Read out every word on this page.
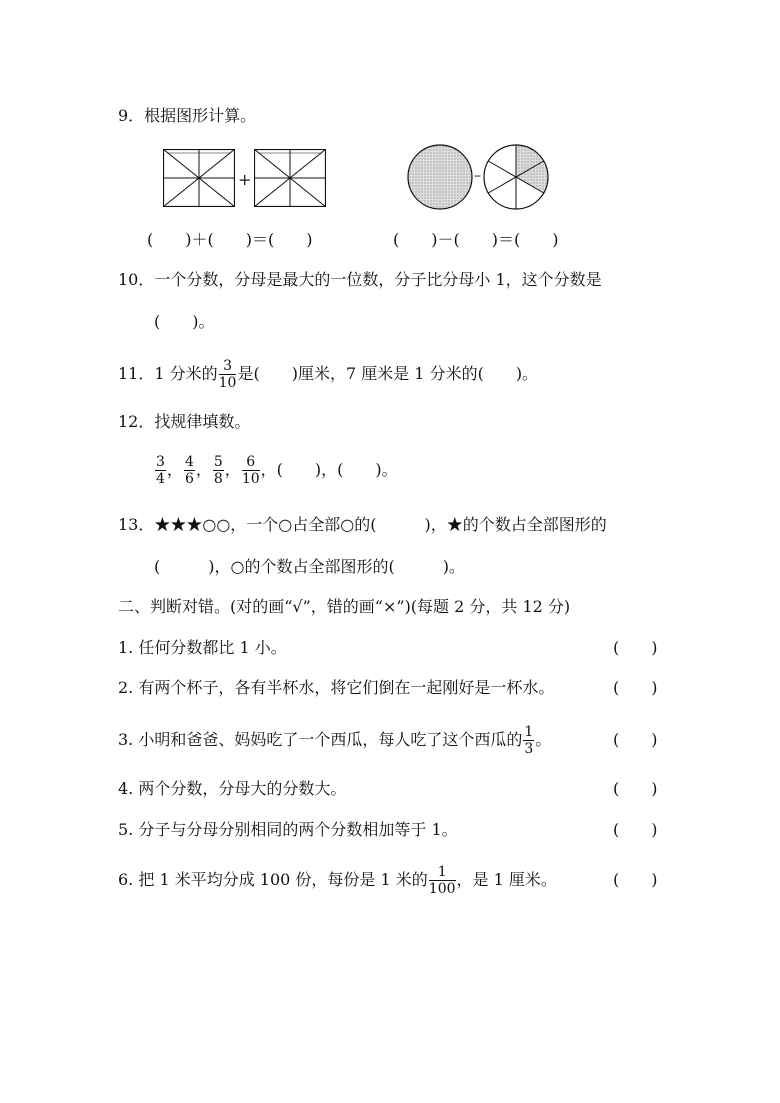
9．根据图形计算。
+	–
(　　)＋(　　)＝(　　)	(　　)－(　　)＝(　　)
10．一个分数，分母是最大的一位数，分子比分母小 1，这个分数是
(　　)。
11．1 分米的 $\frac{3}{10}$ 是(　　)厘米，7 厘米是 1 分米的(　　)。
12．找规律填数。
$\frac{3}{4}$ ， $\frac{4}{6}$ ， $\frac{5}{8}$ ， $\frac{6}{10}$ ，(　　)，(　　)。
13．★★★○○，一个○占全部○的(　　　)，★的个数占全部图形的
(　　　)，○的个数占全部图形的(　　　)。
二、判断对错。(对的画“√”，错的画“×”)(每题 2 分，共 12 分)
1. 任何分数都比 1 小。	(　　)
2. 有两个杯子，各有半杯水，将它们倒在一起刚好是一杯水。	(　　)
3. 小明和爸爸、妈妈吃了一个西瓜，每人吃了这个西瓜的 $\frac{1}{3}$ 。	(　　)
4. 两个分数，分母大的分数大。	(　　)
5. 分子与分母分别相同的两个分数相加等于 1。	(　　)
6. 把 1 米平均分成 100 份，每份是 1 米的 $\frac{1}{100}$ ，是 1 厘米。	(　　)
